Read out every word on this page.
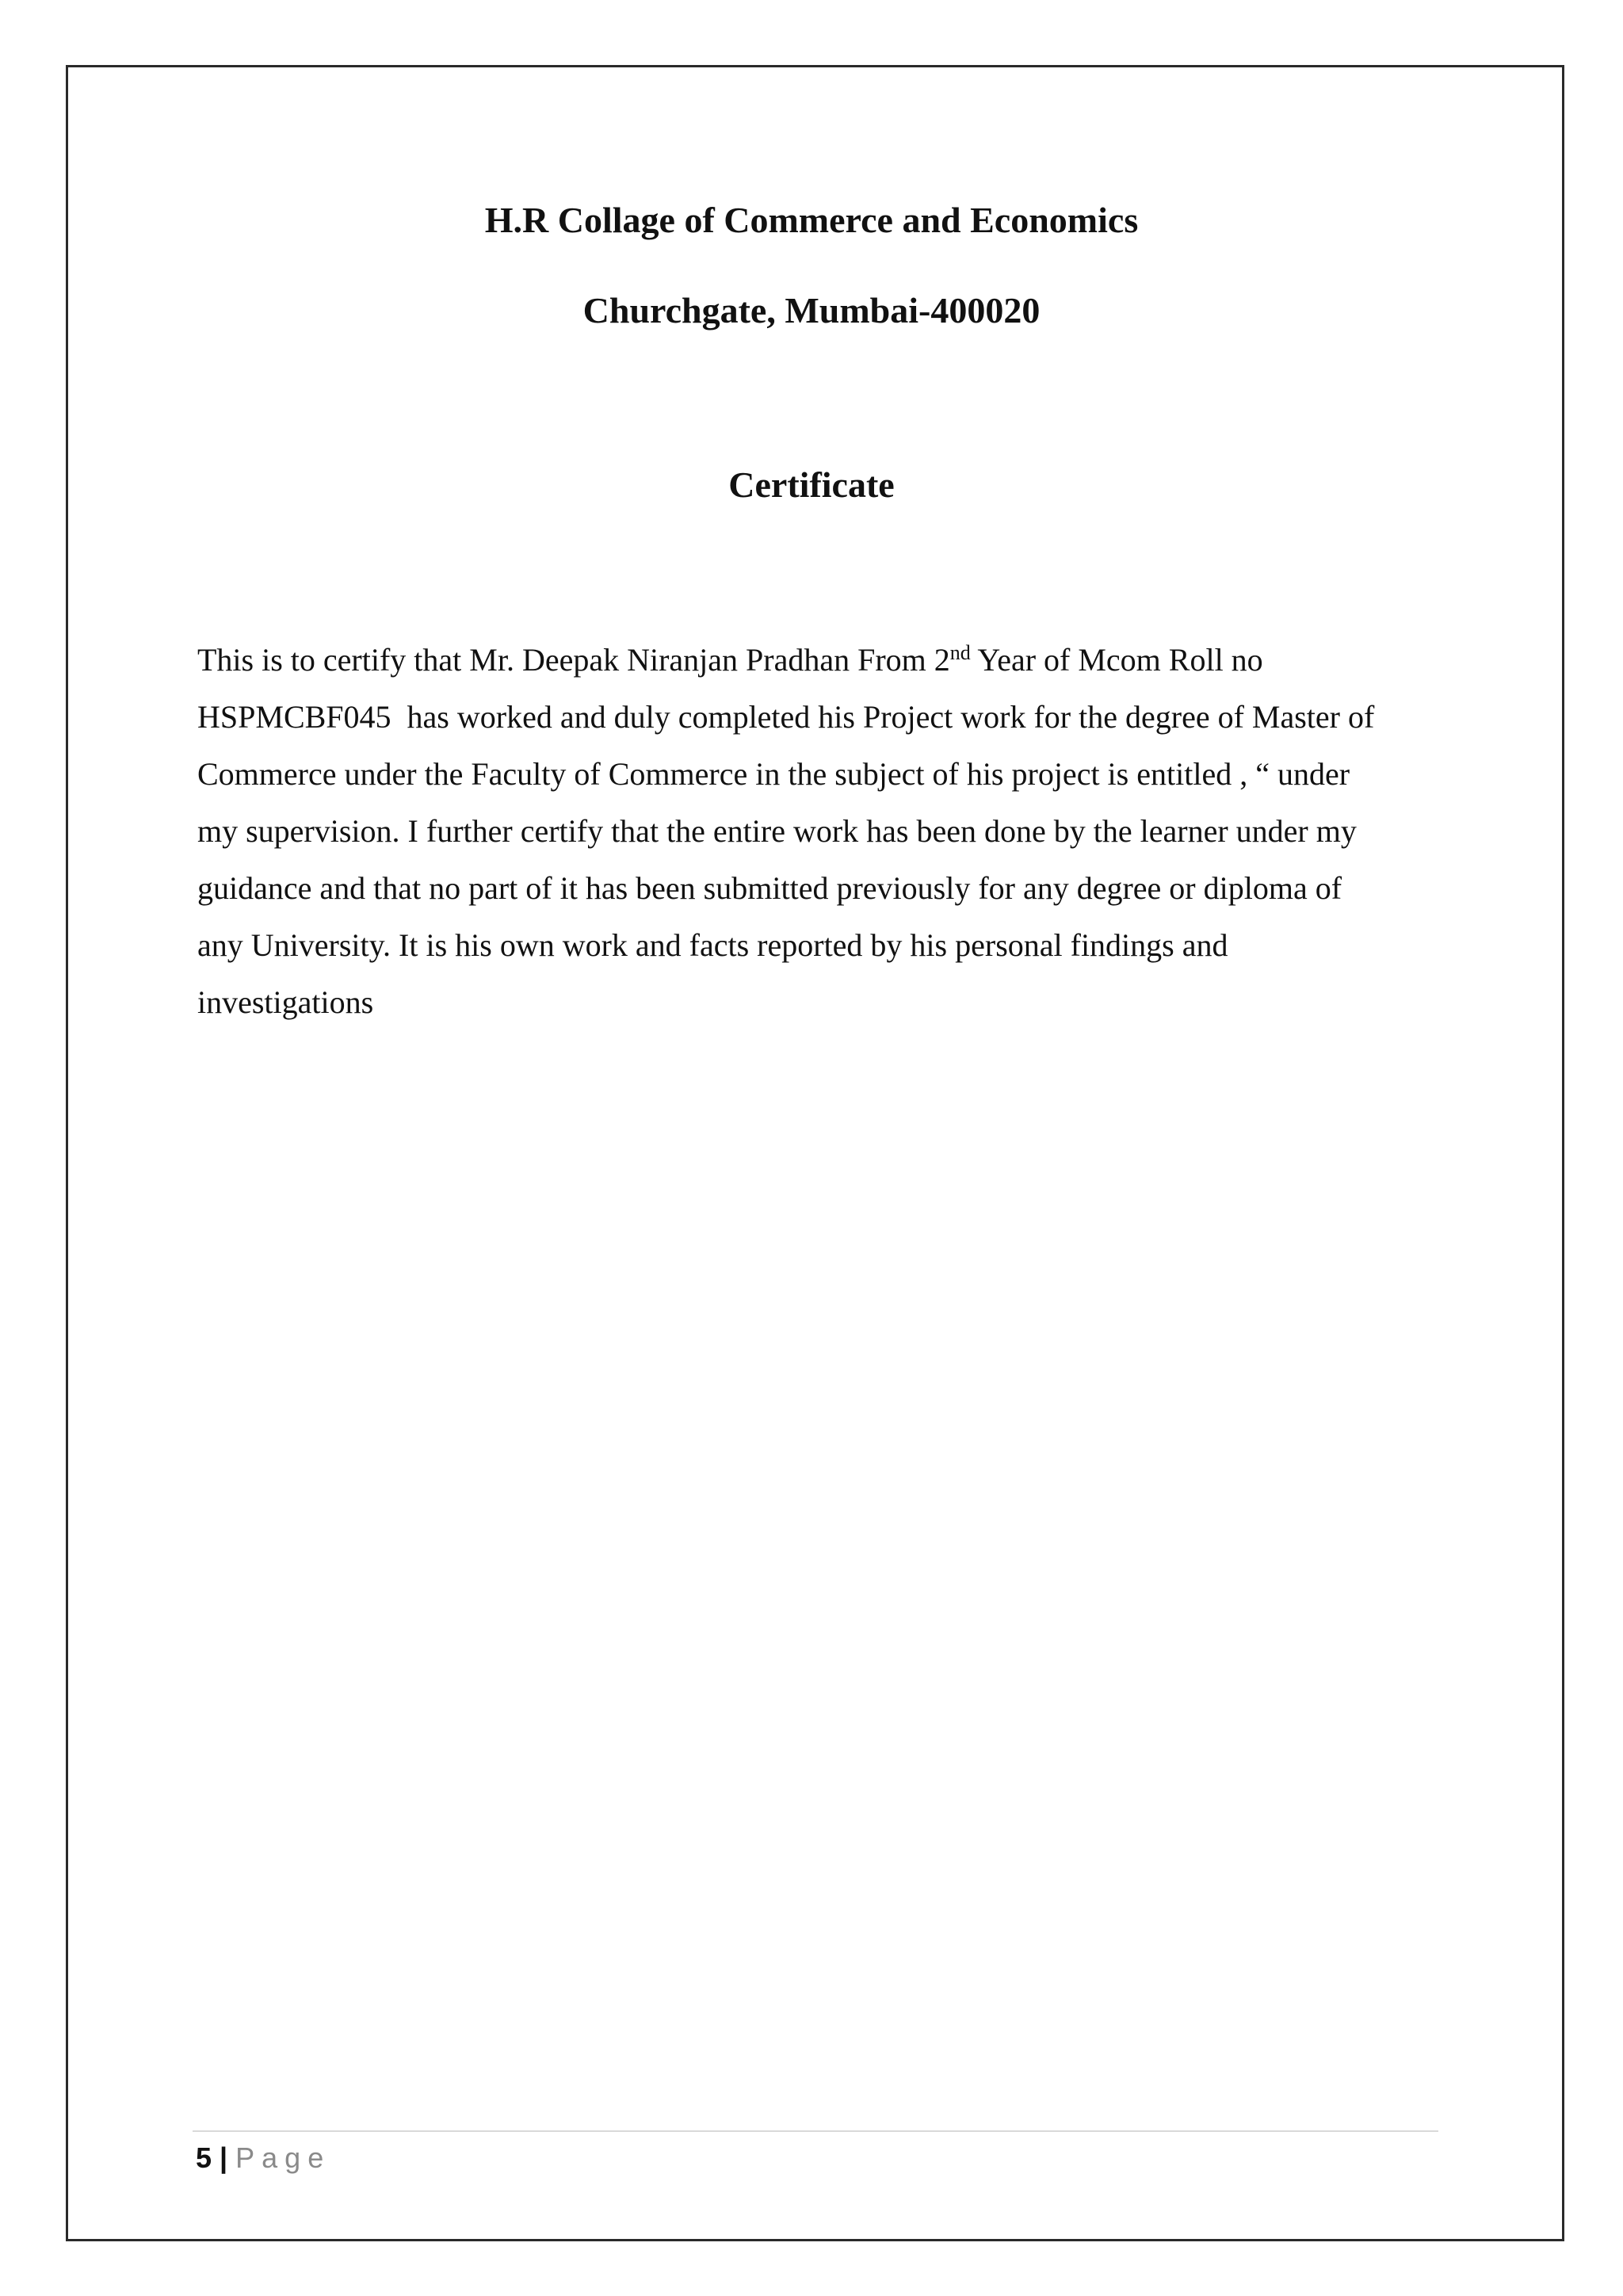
H.R Collage of Commerce and Economics
Churchgate, Mumbai-400020
Certificate

This is to certify that Mr. Deepak Niranjan Pradhan From 2nd Year of Mcom Roll no
HSPMCBF045  has worked and duly completed his Project work for the degree of Master of
Commerce under the Faculty of Commerce in the subject of his project is entitled , “ under
my supervision. I further certify that the entire work has been done by the learner under my
guidance and that no part of it has been submitted previously for any degree or diploma of
any University. It is his own work and facts reported by his personal findings and
investigations

5 | Page
